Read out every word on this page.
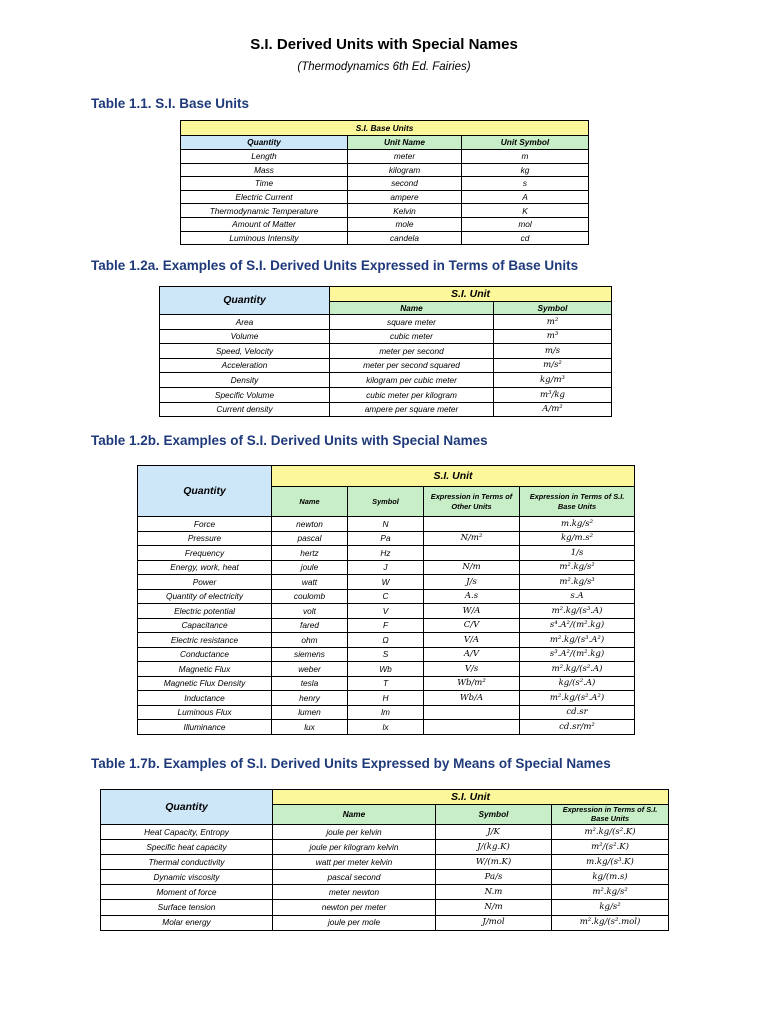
S.I. Derived Units with Special Names
(Thermodynamics 6th Ed. Fairies)
Table 1.1. S.I. Base Units
S.I. Base Units		
Quantity	Unit Name	Unit Symbol
Length	meter	m
Mass	kilogram	kg
Time	second	s
Electric Current	ampere	A
Thermodynamic Temperature	Kelvin	K
Amount of Matter	mole	mol
Luminous Intensity	candela	cd
Table 1.2a. Examples of S.I. Derived Units Expressed in Terms of Base Units
Quantity	S.I. Unit	
	Name	Symbol
Area	square meter	m²
Volume	cubic meter	m³
Speed, Velocity	meter per second	m/s
Acceleration	meter per second squared	m/s²
Density	kilogram per cubic meter	kg/m³
Specific Volume	cubic meter per kilogram	m³/kg
Current density	ampere per square meter	A/m²
Table 1.2b. Examples of S.I. Derived Units with Special Names
Quantity	S.I. Unit			
	Name	Symbol	Expression in Terms of Other Units	Expression in Terms of S.I. Base Units
Force	newton	N		m.kg/s²
Pressure	pascal	Pa	N/m²	kg/m.s²
Frequency	hertz	Hz		1/s
Energy, work, heat	joule	J	N/m	m².kg/s²
Power	watt	W	J/s	m².kg/s³
Quantity of electricity	coulomb	C	A.s	s.A
Electric potential	volt	V	W/A	m².kg/(s³.A)
Capacitance	fared	F	C/V	s⁴.A²/(m².kg)
Electric resistance	ohm	Ω	V/A	m².kg/(s³.A²)
Conductance	siemens	S	A/V	s³.A²/(m².kg)
Magnetic Flux	weber	Wb	V/s	m².kg/(s².A)
Magnetic Flux Density	tesla	T	Wb/m²	kg/(s².A)
Inductance	henry	H	Wb/A	m².kg/(s².A²)
Luminous Flux	lumen	lm		cd.sr
Illuminance	lux	lx		cd.sr/m²
Table 1.7b. Examples of S.I. Derived Units Expressed by Means of Special Names
Quantity	S.I. Unit		
	Name	Symbol	Expression in Terms of S.I. Base Units
Heat Capacity, Entropy	joule per kelvin	J/K	m².kg/(s².K)
Specific heat capacity	joule per kilogram kelvin	J/(kg.K)	m²/(s².K)
Thermal conductivity	watt per meter kelvin	W/(m.K)	m.kg/(s³.K)
Dynamic viscosity	pascal second	Pa/s	kg/(m.s)
Moment of force	meter newton	N.m	m².kg/s²
Surface tension	newton per meter	N/m	kg/s²
Molar energy	joule per mole	J/mol	m².kg/(s².mol)
